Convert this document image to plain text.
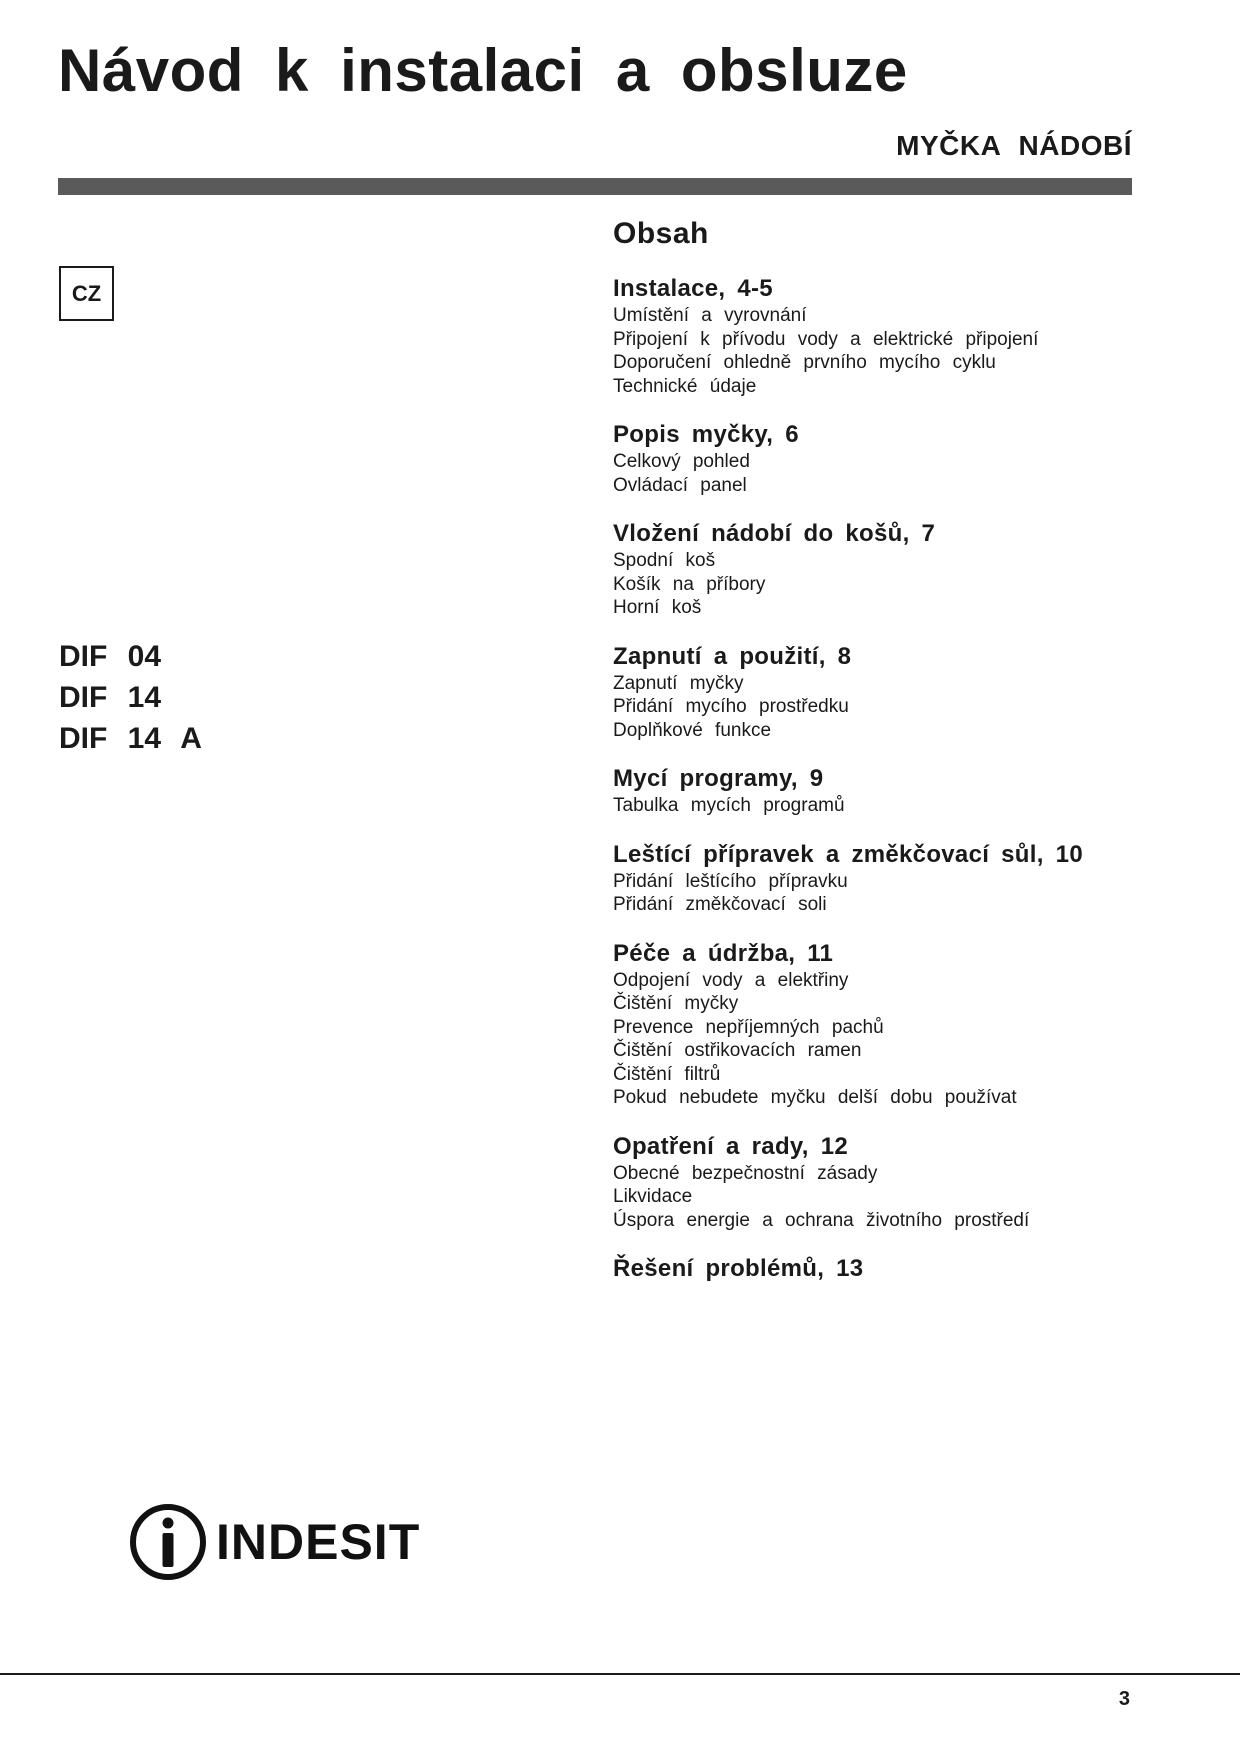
Návod k instalaci a obsluze
MYČKA NÁDOBÍ
CZ
DIF 04
DIF 14
DIF 14 A
Obsah
Instalace, 4-5
Umístění a vyrovnání
Připojení k přívodu vody a elektrické připojení
Doporučení ohledně prvního mycího cyklu
Technické údaje
Popis myčky, 6
Celkový pohled
Ovládací panel
Vložení nádobí do košů, 7
Spodní koš
Košík na příbory
Horní koš
Zapnutí a použití, 8
Zapnutí myčky
Přidání mycího prostředku
Doplňkové funkce
Mycí programy, 9
Tabulka mycích programů
Leštící přípravek a změkčovací sůl, 10
Přidání leštícího přípravku
Přidání změkčovací soli
Péče a údržba, 11
Odpojení vody a elektřiny
Čištění myčky
Prevence nepříjemných pachů
Čištění ostřikovacích ramen
Čištění filtrů
Pokud nebudete myčku delší dobu používat
Opatření a rady, 12
Obecné bezpečnostní zásady
Likvidace
Úspora energie a ochrana životního prostředí
Řešení problémů, 13
INDESIT
3
